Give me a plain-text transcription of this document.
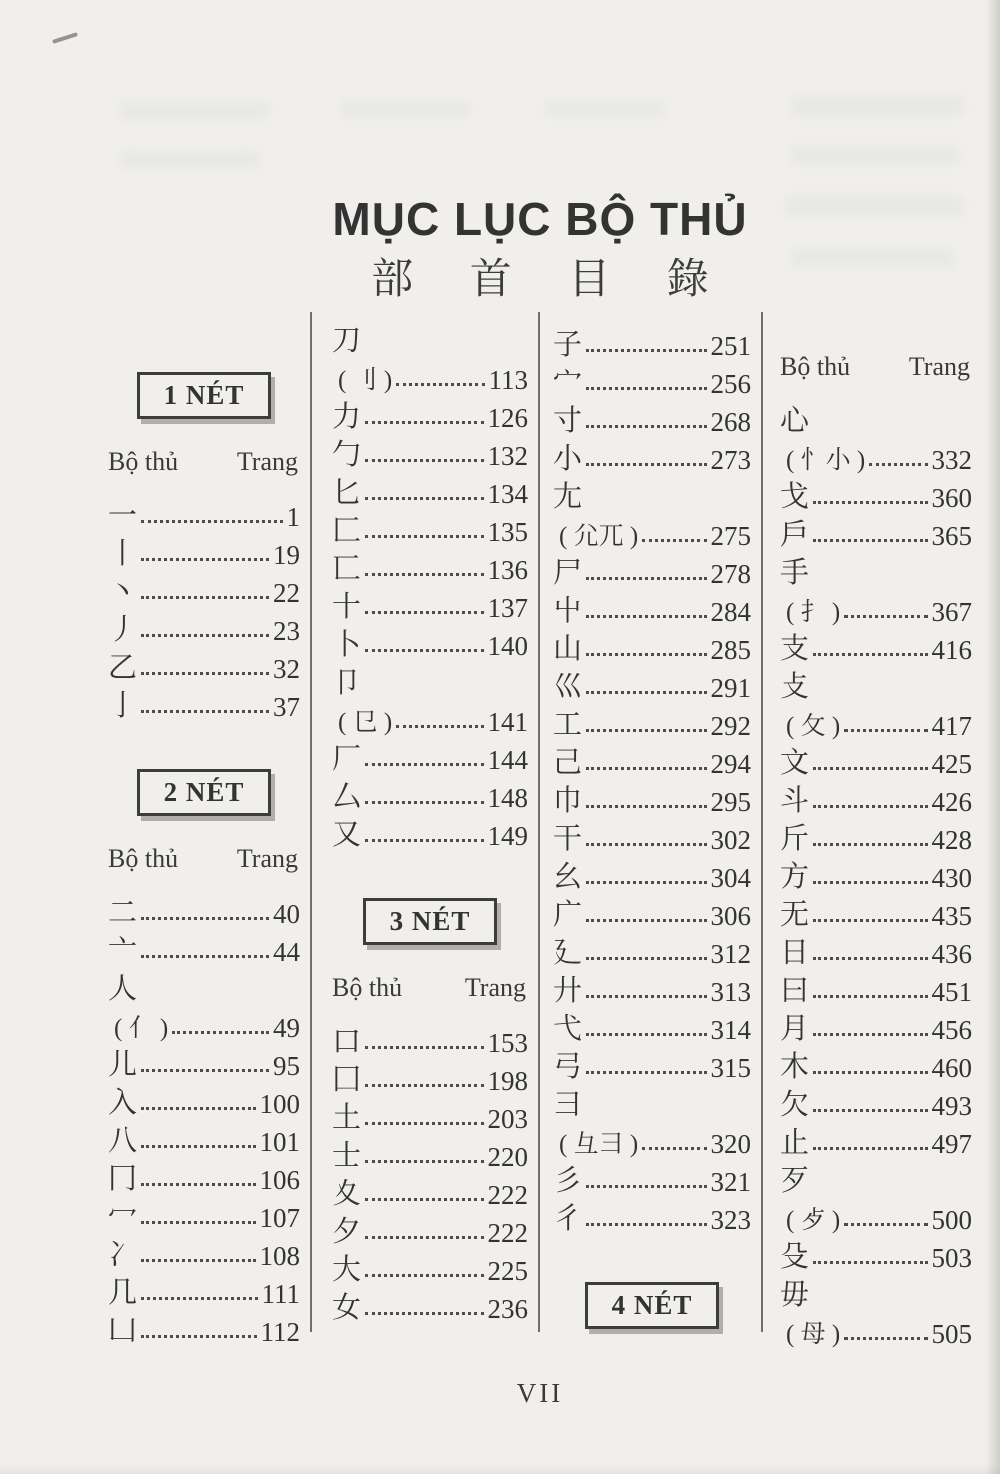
MỤC LỤC BỘ THỦ
部 首 目 錄
1 NÉT
Bộ thủ Trang
一	1
丨	19
丶	22
丿	23
乙	32
亅	37
2 NÉT
Bộ thủ Trang
二	40
亠	44
人
( 亻 )	49
儿	95
入	100
八	101
冂	106
冖	107
冫	108
几	111
凵	112
刀
( 刂 )	113
力	126
勹	132
匕	134
匚	135
匸	136
十	137
卜	140
卩
( 㔾 )	141
厂	144
厶	148
又	149
3 NÉT
Bộ thủ Trang
口	153
囗	198
土	203
士	220
夊	222
夕	222
大	225
女	236
子	251
宀	256
寸	268
小	273
尢
( 尣兀 )	275
尸	278
屮	284
山	285
巛	291
工	292
己	294
巾	295
干	302
幺	304
广	306
廴	312
廾	313
弋	314
弓	315
彐
( 彑⺕ )	320
彡	321
彳	323
4 NÉT
Bộ thủ Trang
心
( 忄小 ) 332
戈	360
戶	365
手
( 扌 )	367
支	416
攴
( 攵 )	417
文	425
斗	426
斤	428
方	430
无	435
日	436
曰	451
月	456
木	460
欠	493
止	497
歹
( 歺 )	500
殳	503
毋
( 母 )	505
VII
